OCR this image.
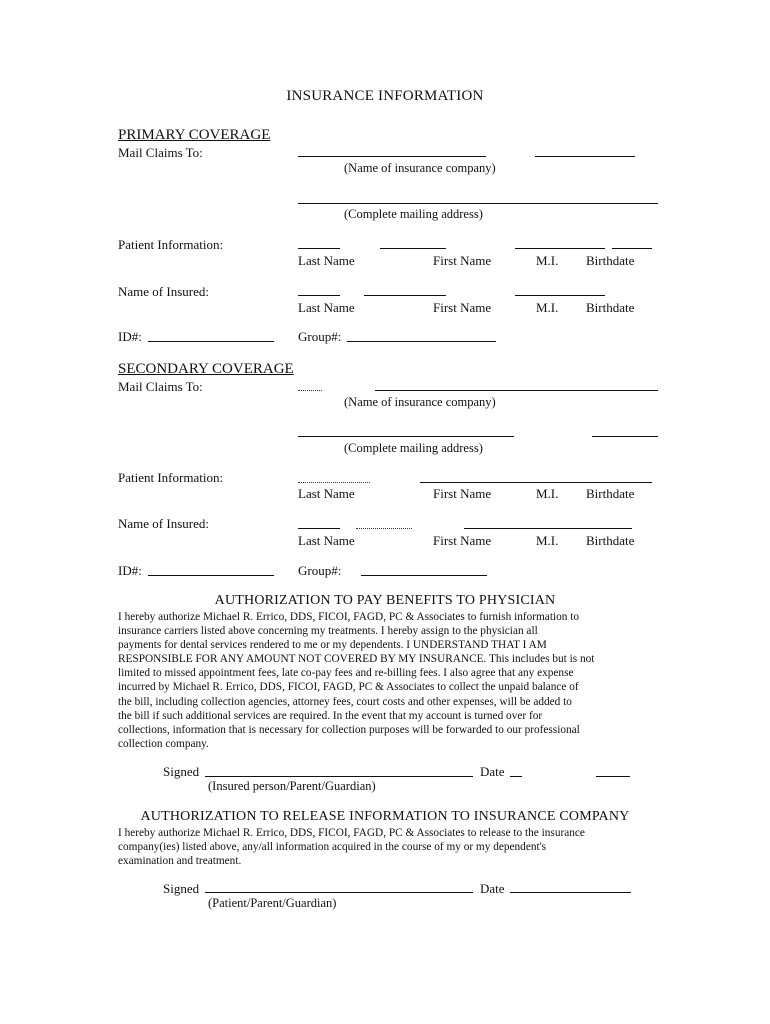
INSURANCE INFORMATION
PRIMARY COVERAGE
Mail Claims To:
(Name of insurance company)
(Complete mailing address)
Patient Information:
Last Name	First Name	M.I. Birthdate
Name of Insured:
Last Name	First Name	M.I. Birthdate
ID#:	Group#:
SECONDARY COVERAGE
Mail Claims To:
(Name of insurance company)
(Complete mailing address)
Patient Information:
Last Name	First Name	M.I. Birthdate
Name of Insured:
Last Name	First Name	M.I. Birthdate
ID#:	Group#:
AUTHORIZATION TO PAY BENEFITS TO PHYSICIAN
I hereby authorize Michael R. Errico, DDS, FICOI, FAGD, PC & Associates to furnish information to
insurance carriers listed above concerning my treatments. I hereby assign to the physician all
payments for dental services rendered to me or my dependents. I UNDERSTAND THAT I AM
RESPONSIBLE FOR ANY AMOUNT NOT COVERED BY MY INSURANCE. This includes but is not
limited to missed appointment fees, late co-pay fees and re-billing fees. I also agree that any expense
incurred by Michael R. Errico, DDS, FICOI, FAGD, PC & Associates to collect the unpaid balance of
the bill, including collection agencies, attorney fees, court costs and other expenses, will be added to
the bill if such additional services are required. In the event that my account is turned over for
collections, information that is necessary for collection purposes will be forwarded to our professional
collection company.
Signed	Date
(Insured person/Parent/Guardian)
AUTHORIZATION TO RELEASE INFORMATION TO INSURANCE COMPANY
I hereby authorize Michael R. Errico, DDS, FICOI, FAGD, PC & Associates to release to the insurance
company(ies) listed above, any/all information acquired in the course of my or my dependent's
examination and treatment.
Signed	Date
(Patient/Parent/Guardian)
